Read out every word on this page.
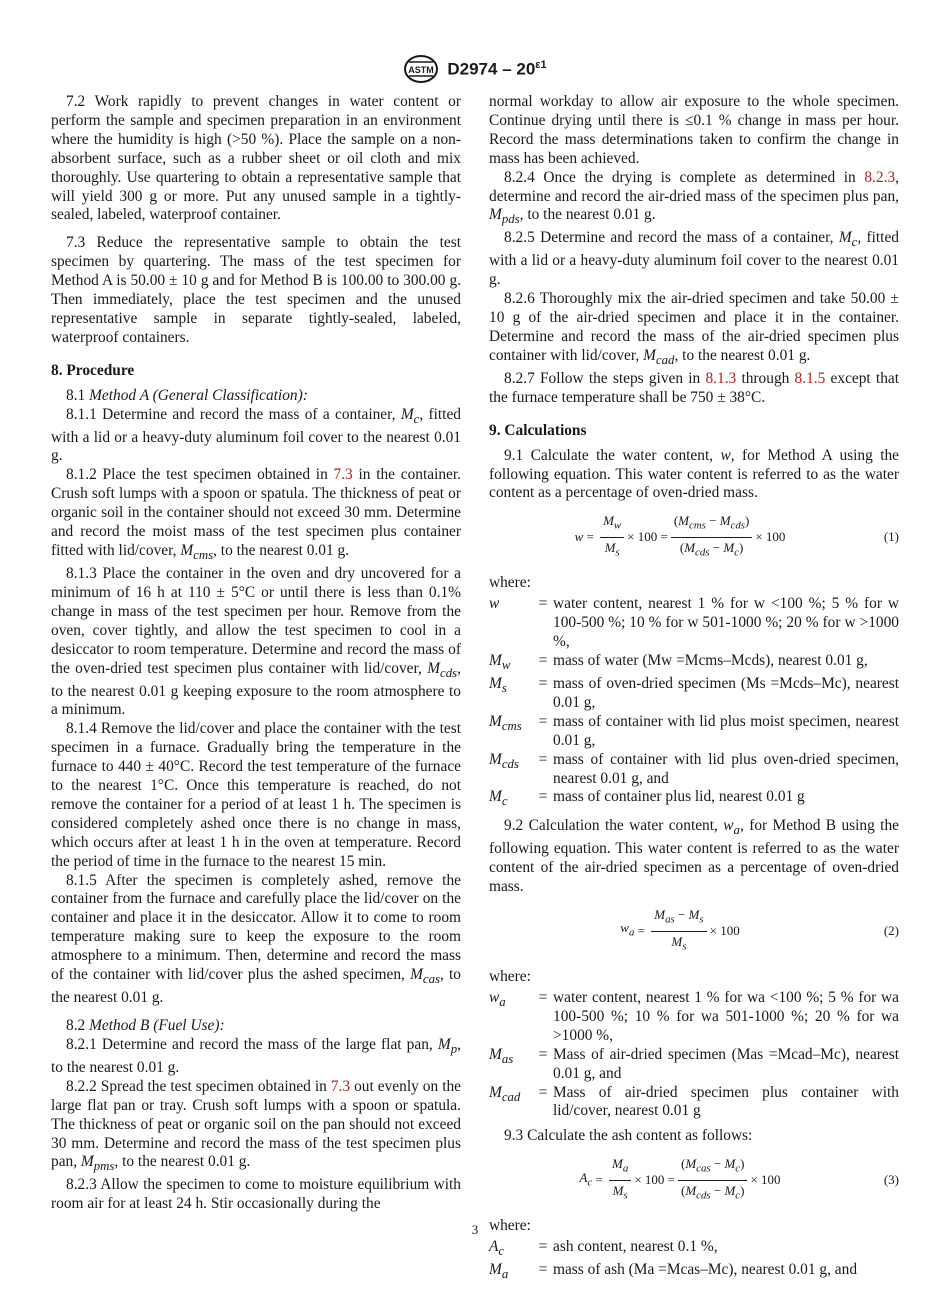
ASTM $D2974 - 20^{\varepsilon 1}$

7.2 Work rapidly to prevent changes in water content or perform the sample and specimen preparation in an environment where the humidity is high (>50 %). Place the sample on a non-absorbent surface, such as a rubber sheet or oil cloth and mix thoroughly. Use quartering to obtain a representative sample that will yield 300 g or more. Put any unused sample in a tightly-sealed, labeled, waterproof container.

7.3 Reduce the representative sample to obtain the test specimen by quartering. The mass of the test specimen for Method A is 50.00 ± 10 g and for Method B is 100.00 to 300.00 g. Then immediately, place the test specimen and the unused representative sample in separate tightly-sealed, labeled, waterproof containers.

8. Procedure

8.1 Method A (General Classification):

8.1.1 Determine and record the mass of a container, $M_c$, fitted with a lid or a heavy-duty aluminum foil cover to the nearest 0.01 g.

8.1.2 Place the test specimen obtained in 7.3 in the container. Crush soft lumps with a spoon or spatula. The thickness of peat or organic soil in the container should not exceed 30 mm. Determine and record the moist mass of the test specimen plus container fitted with lid/cover, $M_{cms}$, to the nearest 0.01 g.

8.1.3 Place the container in the oven and dry uncovered for a minimum of 16 h at 110 ± 5°C or until there is less than 0.1% change in mass of the test specimen per hour. Remove from the oven, cover tightly, and allow the test specimen to cool in a desiccator to room temperature. Determine and record the mass of the oven-dried test specimen plus container with lid/cover, $M_{cds}$, to the nearest 0.01 g keeping exposure to the room atmosphere to a minimum.

8.1.4 Remove the lid/cover and place the container with the test specimen in a furnace. Gradually bring the temperature in the furnace to 440 ± 40°C. Record the test temperature of the furnace to the nearest 1°C. Once this temperature is reached, do not remove the container for a period of at least 1 h. The specimen is considered completely ashed once there is no change in mass, which occurs after at least 1 h in the oven at temperature. Record the period of time in the furnace to the nearest 15 min.

8.1.5 After the specimen is completely ashed, remove the container from the furnace and carefully place the lid/cover on the container and place it in the desiccator. Allow it to come to room temperature making sure to keep the exposure to the room atmosphere to a minimum. Then, determine and record the mass of the container with lid/cover plus the ashed specimen, $M_{cas}$, to the nearest 0.01 g.

8.2 Method B (Fuel Use):

8.2.1 Determine and record the mass of the large flat pan, $M_p$, to the nearest 0.01 g.

8.2.2 Spread the test specimen obtained in 7.3 out evenly on the large flat pan or tray. Crush soft lumps with a spoon or spatula. The thickness of peat or organic soil on the pan should not exceed 30 mm. Determine and record the mass of the test specimen plus pan, $M_{pms}$, to the nearest 0.01 g.

8.2.3 Allow the specimen to come to moisture equilibrium with room air for at least 24 h. Stir occasionally during the

normal workday to allow air exposure to the whole specimen. Continue drying until there is ≤0.1 % change in mass per hour. Record the mass determinations taken to confirm the change in mass has been achieved.

8.2.4 Once the drying is complete as determined in 8.2.3, determine and record the air-dried mass of the specimen plus pan, $M_{pds}$, to the nearest 0.01 g.

8.2.5 Determine and record the mass of a container, $M_c$, fitted with a lid or a heavy-duty aluminum foil cover to the nearest 0.01 g.

8.2.6 Thoroughly mix the air-dried specimen and take 50.00 ± 10 g of the air-dried specimen and place it in the container. Determine and record the mass of the air-dried specimen plus container with lid/cover, $M_{cad}$, to the nearest 0.01 g.

8.2.7 Follow the steps given in 8.1.3 through 8.1.5 except that the furnace temperature shall be 750 ± 38°C.

9. Calculations

9.1 Calculate the water content, w, for Method A using the following equation. This water content is referred to as the water content as a percentage of oven-dried mass.

$w = \frac{M_w}{M_s} \times 100 = \frac{(M_{cms} - M_{cds})}{(M_{cds} - M_c)} \times 100$	(1)
where:
w	= water content, nearest 1 % for w <100 %; 5 % for w 100-500 %; 10 % for w 501-1000 %; 20 % for w >1000 %,
$M_w$	= mass of water (Mw =Mcms–Mcds), nearest 0.01 g,
$M_s$	= mass of oven-dried specimen (Ms =Mcds–Mc), nearest 0.01 g,
$M_{cms}$	= mass of container with lid plus moist specimen, nearest 0.01 g,
$M_{cds}$	= mass of container with lid plus oven-dried specimen, nearest 0.01 g, and
$M_c$	= mass of container plus lid, nearest 0.01 g

9.2 Calculation the water content, $w_a$, for Method B using the following equation. This water content is referred to as the water content of the air-dried specimen as a percentage of oven-dried mass.

$w_a = \frac{M_{as} - M_s}{M_s} \times 100$	(2)
where:
$w_a$	= water content, nearest 1 % for wa <100 %; 5 % for wa 100-500 %; 10 % for wa 501-1000 %; 20 % for wa >1000 %,
$M_{as}$	= Mass of air-dried specimen (Mas =Mcad–Mc), nearest 0.01 g, and
$M_{cad}$	= Mass of air-dried specimen plus container with lid/cover, nearest 0.01 g

9.3 Calculate the ash content as follows:

$A_c = \frac{M_a}{M_s} \times 100 = \frac{(M_{cas} - M_c)}{(M_{cds} - M_c)} \times 100$	(3)
where:
$A_c$	= ash content, nearest 0.1 %,
$M_a$	= mass of ash (Ma =Mcas–Mc), nearest 0.01 g, and
3
